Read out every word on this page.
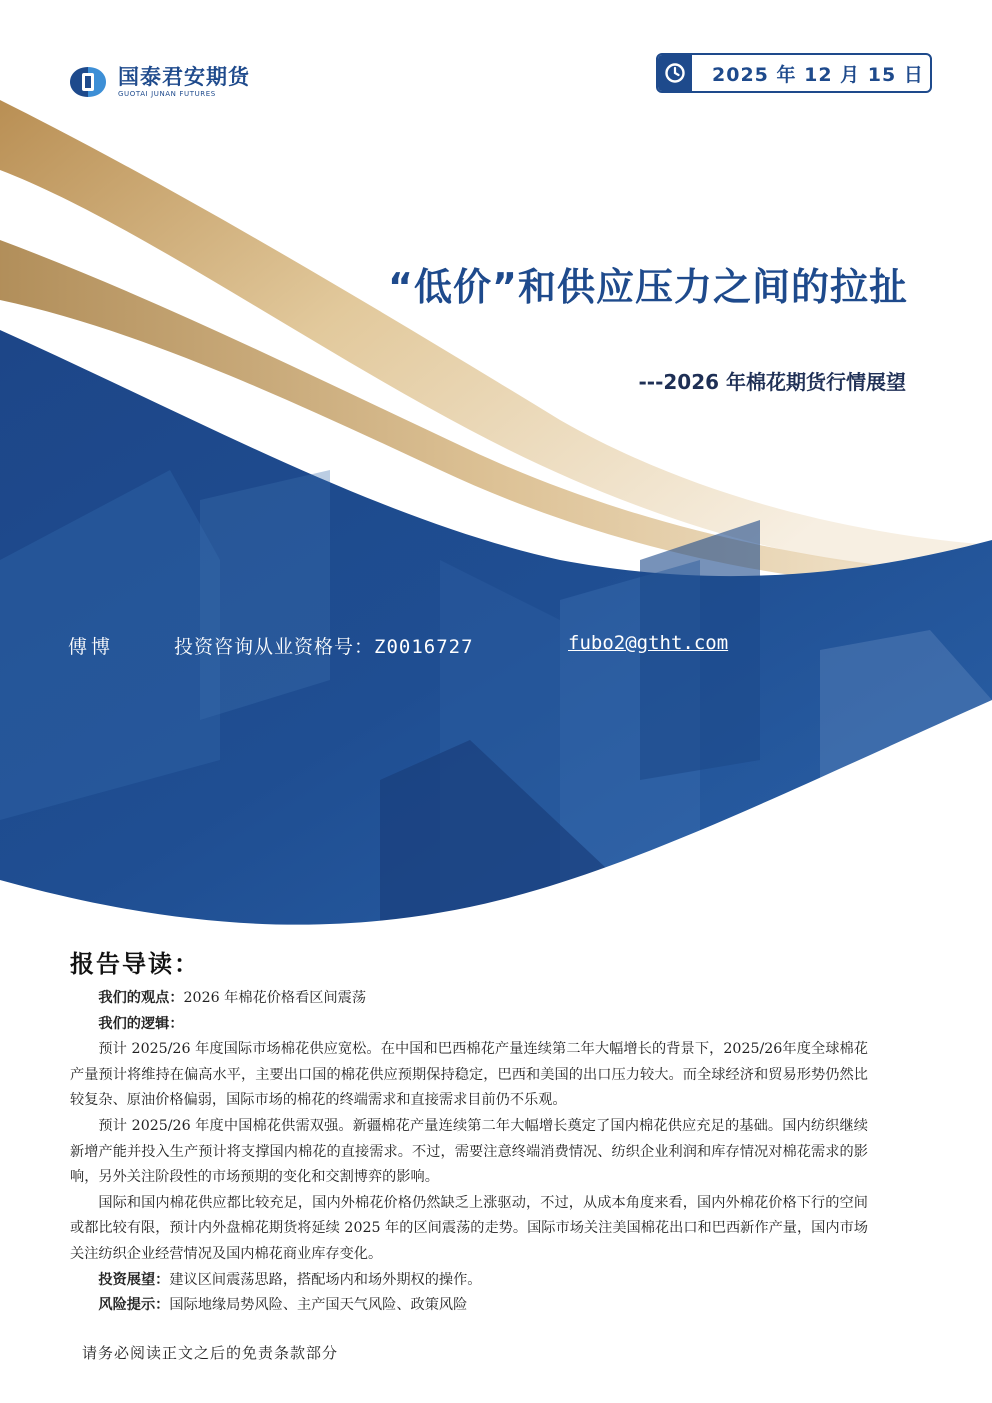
国泰君安期货
GUOTAI JUNAN FUTURES
2025 年 12 月 15 日
“低价”和供应压力之间的拉扯
---2026 年棉花期货行情展望
傅博	投资咨询从业资格号：Z0016727	fubo2@gtht.com
报告导读：

我们的观点：2026 年棉花价格看区间震荡

我们的逻辑：

预计 2025/26 年度国际市场棉花供应宽松。在中国和巴西棉花产量连续第二年大幅增长的背景下，2025/26年度全球棉花产量预计将维持在偏高水平，主要出口国的棉花供应预期保持稳定，巴西和美国的出口压力较大。而全球经济和贸易形势仍然比较复杂、原油价格偏弱，国际市场的棉花的终端需求和直接需求目前仍不乐观。

预计 2025/26 年度中国棉花供需双强。新疆棉花产量连续第二年大幅增长奠定了国内棉花供应充足的基础。国内纺织继续新增产能并投入生产预计将支撑国内棉花的直接需求。不过，需要注意终端消费情况、纺织企业利润和库存情况对棉花需求的影响，另外关注阶段性的市场预期的变化和交割博弈的影响。

国际和国内棉花供应都比较充足，国内外棉花价格仍然缺乏上涨驱动，不过，从成本角度来看，国内外棉花价格下行的空间或都比较有限，预计内外盘棉花期货将延续 2025 年的区间震荡的走势。国际市场关注美国棉花出口和巴西新作产量，国内市场关注纺织企业经营情况及国内棉花商业库存变化。

投资展望：建议区间震荡思路，搭配场内和场外期权的操作。

风险提示：国际地缘局势风险、主产国天气风险、政策风险

请务必阅读正文之后的免责条款部分
